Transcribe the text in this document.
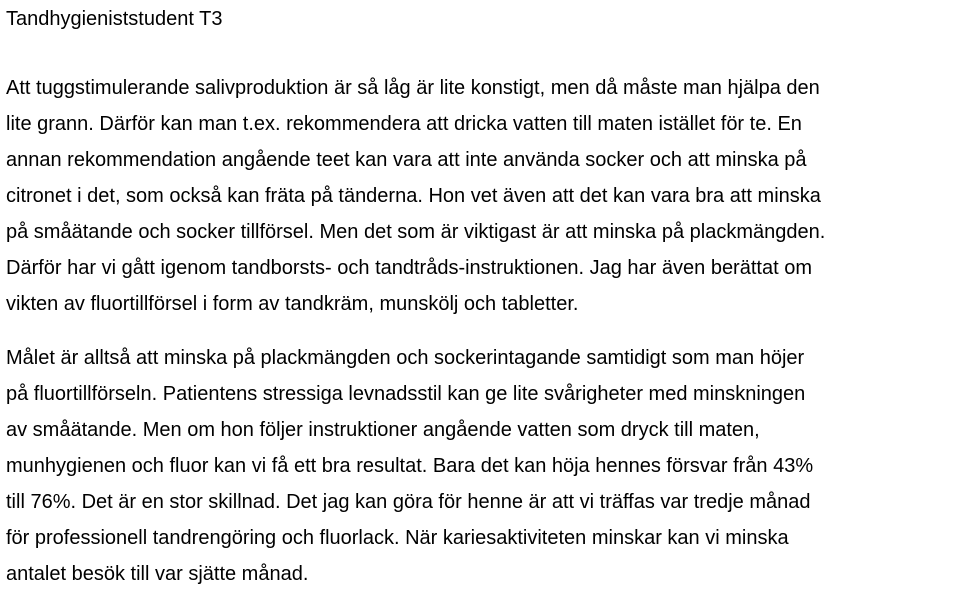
Tandhygieniststudent T3
Att tuggstimulerande salivproduktion är så låg är lite konstigt, men då måste man hjälpa den
lite grann. Därför kan man t.ex. rekommendera att dricka vatten till maten istället för te. En
annan rekommendation angående teet kan vara att inte använda socker och att minska på
citronet i det, som också kan fräta på tänderna. Hon vet även att det kan vara bra att minska
på småätande och socker tillförsel. Men det som är viktigast är att minska på plackmängden.
Därför har vi gått igenom tandborsts- och tandtråds-instruktionen. Jag har även berättat om
vikten av fluortillförsel i form av tandkräm, munskölj och tabletter.
Målet är alltså att minska på plackmängden och sockerintagande samtidigt som man höjer
på fluortillförseln. Patientens stressiga levnadsstil kan ge lite svårigheter med minskningen
av småätande. Men om hon följer instruktioner angående vatten som dryck till maten,
munhygienen och fluor kan vi få ett bra resultat. Bara det kan höja hennes försvar från 43%
till 76%. Det är en stor skillnad. Det jag kan göra för henne är att vi träffas var tredje månad
för professionell tandrengöring och fluorlack. När kariesaktiviteten minskar kan vi minska
antalet besök till var sjätte månad.
